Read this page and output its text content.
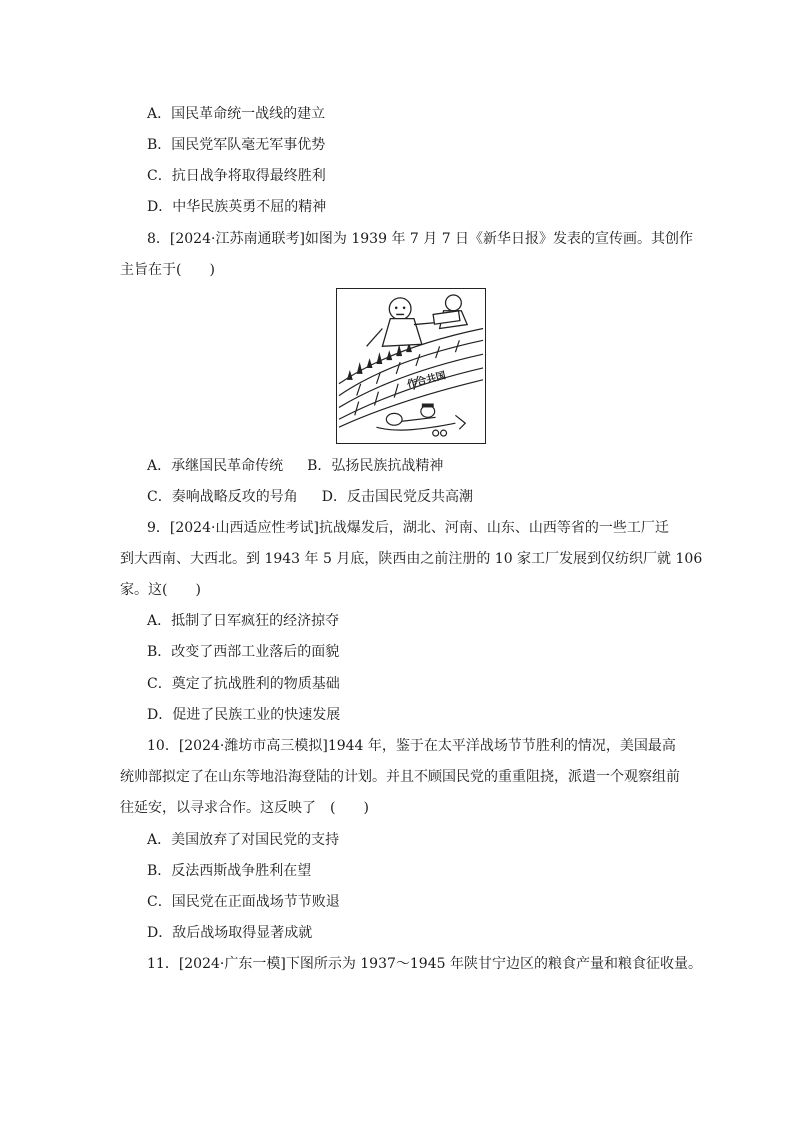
A．国民革命统一战线的建立
B．国民党军队毫无军事优势
C．抗日战争将取得最终胜利
D．中华民族英勇不屈的精神
8．[2024·江苏南通联考]如图为 1939 年 7 月 7 日《新华日报》发表的宣传画。其创作
主旨在于(　　)
作合共国
A．承继国民革命传统 B．弘扬民族抗战精神
C．奏响战略反攻的号角 D．反击国民党反共高潮
9．[2024·山西适应性考试]抗战爆发后，湖北、河南、山东、山西等省的一些工厂迁
到大西南、大西北。到 1943 年 5 月底，陕西由之前注册的 10 家工厂发展到仅纺织厂就 106
家。这(　　)
A．抵制了日军疯狂的经济掠夺
B．改变了西部工业落后的面貌
C．奠定了抗战胜利的物质基础
D．促进了民族工业的快速发展
10．[2024·潍坊市高三模拟]1944 年，鉴于在太平洋战场节节胜利的情况，美国最高
统帅部拟定了在山东等地沿海登陆的计划。并且不顾国民党的重重阻挠，派遣一个观察组前
往延安，以寻求合作。这反映了　(　　)
A．美国放弃了对国民党的支持
B．反法西斯战争胜利在望
C．国民党在正面战场节节败退
D．敌后战场取得显著成就
11．[2024·广东一模]下图所示为 1937～1945 年陕甘宁边区的粮食产量和粮食征收量。
